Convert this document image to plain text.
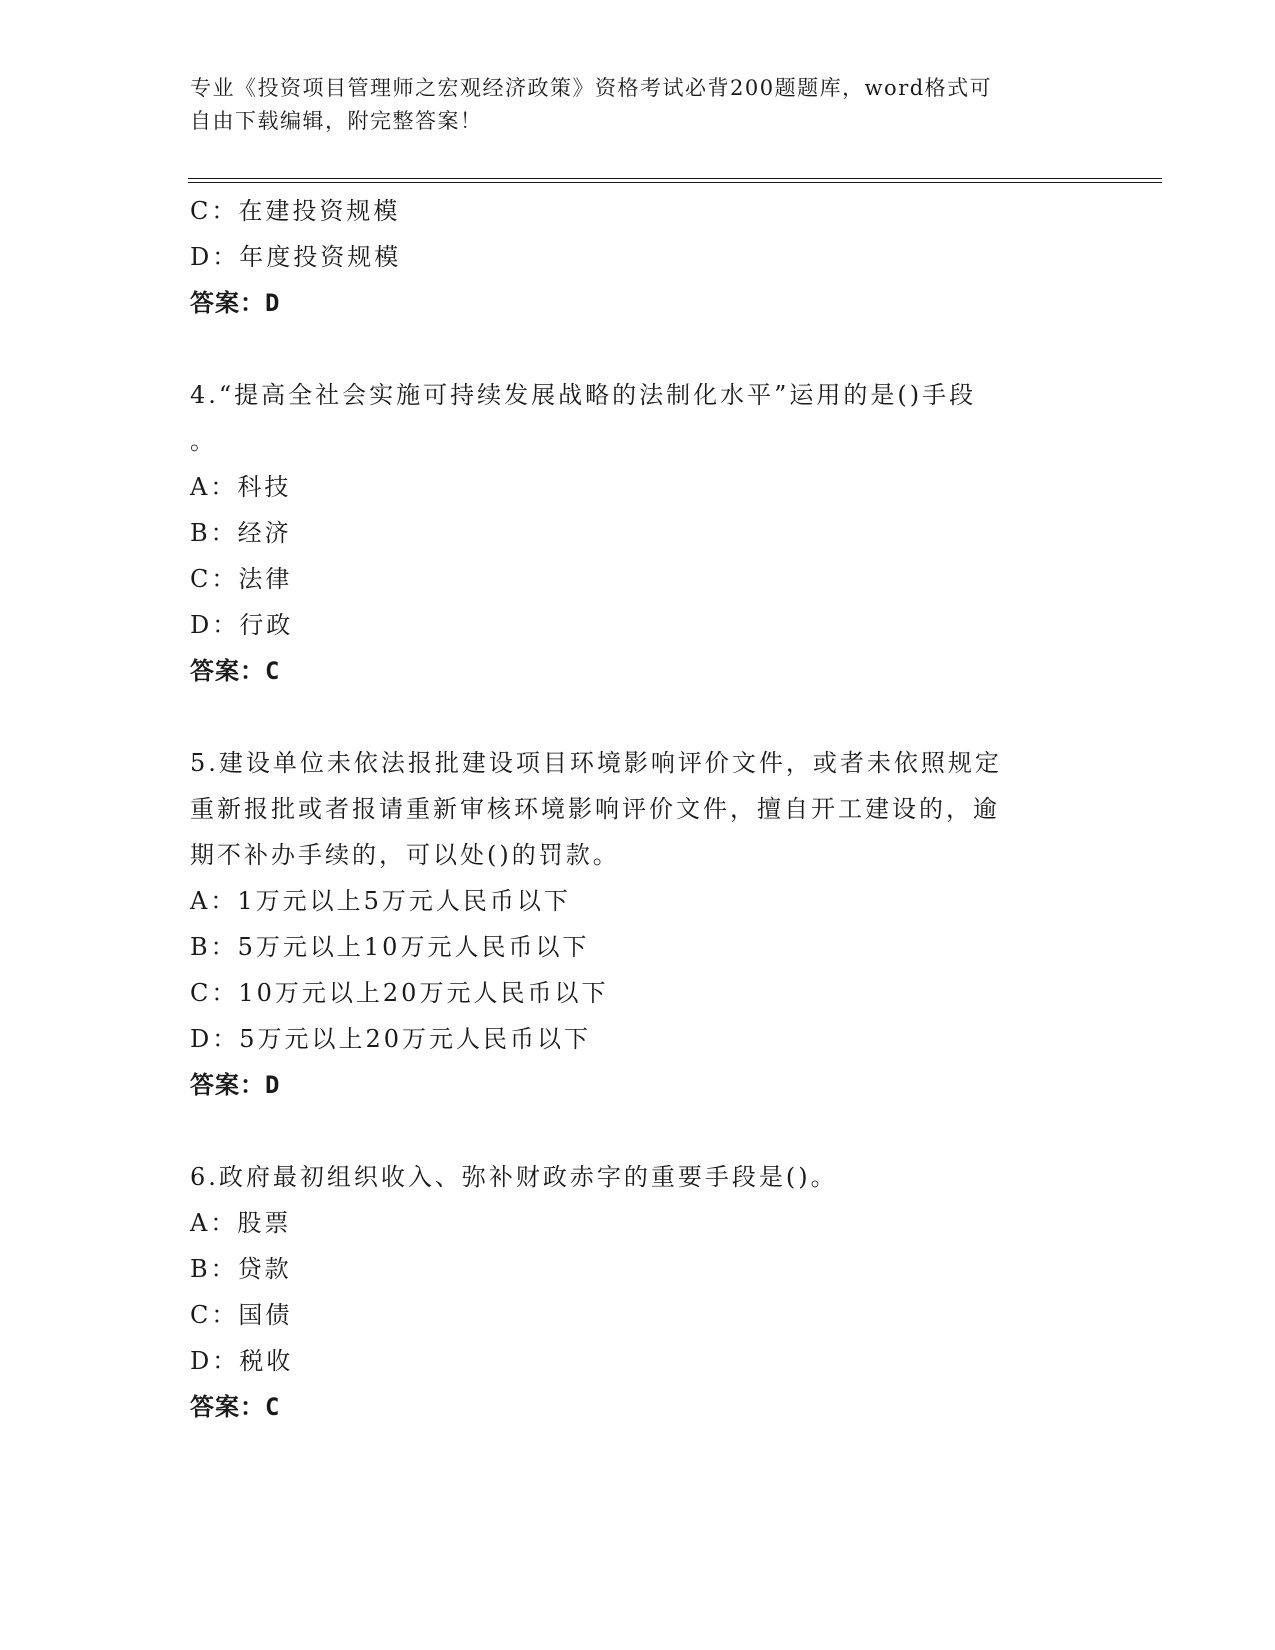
专业《投资项目管理师之宏观经济政策》资格考试必背200题题库，word格式可
自由下载编辑，附完整答案！
C：在建投资规模
D：年度投资规模
答案：D
4.“提高全社会实施可持续发展战略的法制化水平”运用的是()手段
。
A：科技
B：经济
C：法律
D：行政
答案：C
5.建设单位未依法报批建设项目环境影响评价文件，或者未依照规定
重新报批或者报请重新审核环境影响评价文件，擅自开工建设的，逾
期不补办手续的，可以处()的罚款。
A：1万元以上5万元人民币以下
B：5万元以上10万元人民币以下
C：10万元以上20万元人民币以下
D：5万元以上20万元人民币以下
答案：D
6.政府最初组织收入、弥补财政赤字的重要手段是()。
A：股票
B：贷款
C：国债
D：税收
答案：C
